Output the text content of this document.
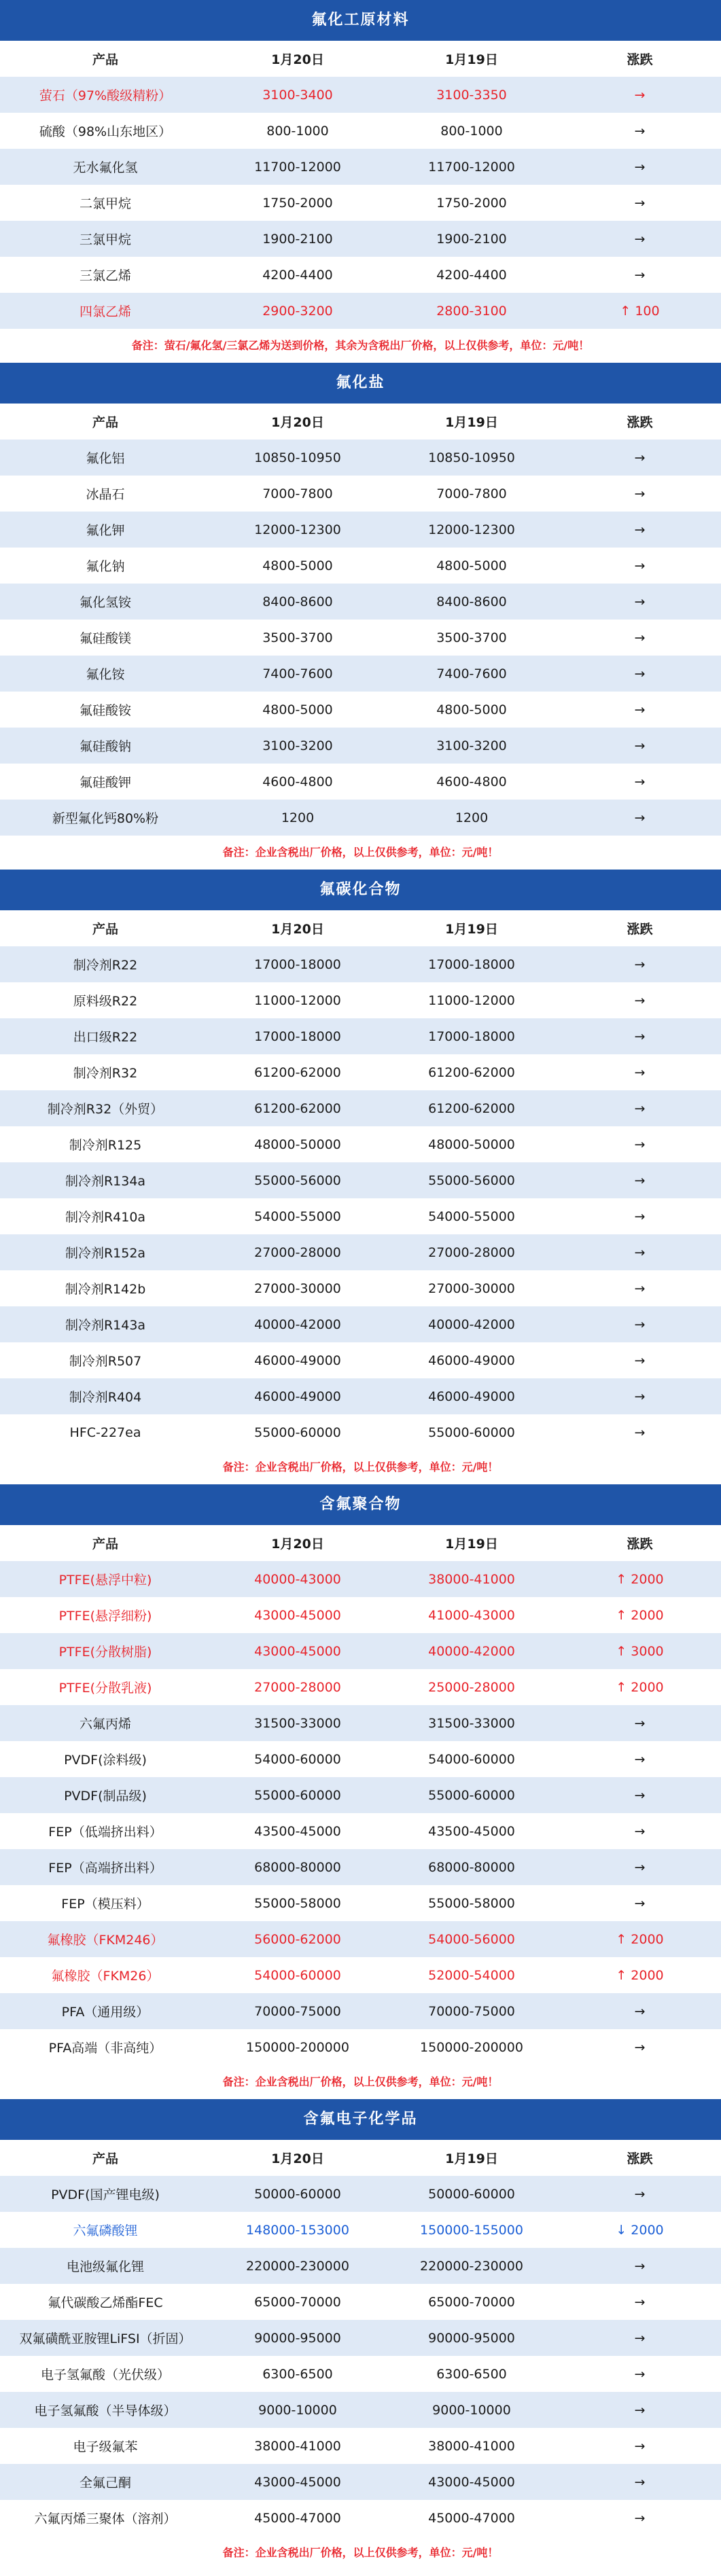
氟化工原材料
产品	1月20日	1月19日	涨跌
萤石（97%酸级精粉）	3100-3400	3100-3350	→
硫酸（98%山东地区）	800-1000	800-1000	→
无水氟化氢	11700-12000	11700-12000	→
二氯甲烷	1750-2000	1750-2000	→
三氯甲烷	1900-2100	1900-2100	→
三氯乙烯	4200-4400	4200-4400	→
四氯乙烯	2900-3200	2800-3100	↑ 100
备注：萤石/氟化氢/三氯乙烯为送到价格，其余为含税出厂价格，以上仅供参考，单位：元/吨！
氟化盐
产品	1月20日	1月19日	涨跌
氟化铝	10850-10950	10850-10950	→
冰晶石	7000-7800	7000-7800	→
氟化钾	12000-12300	12000-12300	→
氟化钠	4800-5000	4800-5000	→
氟化氢铵	8400-8600	8400-8600	→
氟硅酸镁	3500-3700	3500-3700	→
氟化铵	7400-7600	7400-7600	→
氟硅酸铵	4800-5000	4800-5000	→
氟硅酸钠	3100-3200	3100-3200	→
氟硅酸钾	4600-4800	4600-4800	→
新型氟化钙80%粉	1200	1200	→
备注：企业含税出厂价格，以上仅供参考，单位：元/吨！
氟碳化合物
产品	1月20日	1月19日	涨跌
制冷剂R22	17000-18000	17000-18000	→
原料级R22	11000-12000	11000-12000	→
出口级R22	17000-18000	17000-18000	→
制冷剂R32	61200-62000	61200-62000	→
制冷剂R32（外贸）	61200-62000	61200-62000	→
制冷剂R125	48000-50000	48000-50000	→
制冷剂R134a	55000-56000	55000-56000	→
制冷剂R410a	54000-55000	54000-55000	→
制冷剂R152a	27000-28000	27000-28000	→
制冷剂R142b	27000-30000	27000-30000	→
制冷剂R143a	40000-42000	40000-42000	→
制冷剂R507	46000-49000	46000-49000	→
制冷剂R404	46000-49000	46000-49000	→
HFC-227ea	55000-60000	55000-60000	→
备注：企业含税出厂价格，以上仅供参考，单位：元/吨！
含氟聚合物
产品	1月20日	1月19日	涨跌
PTFE(悬浮中粒)	40000-43000	38000-41000	↑ 2000
PTFE(悬浮细粉)	43000-45000	41000-43000	↑ 2000
PTFE(分散树脂)	43000-45000	40000-42000	↑ 3000
PTFE(分散乳液)	27000-28000	25000-28000	↑ 2000
六氟丙烯	31500-33000	31500-33000	→
PVDF(涂料级)	54000-60000	54000-60000	→
PVDF(制品级)	55000-60000	55000-60000	→
FEP（低端挤出料）	43500-45000	43500-45000	→
FEP（高端挤出料）	68000-80000	68000-80000	→
FEP（模压料）	55000-58000	55000-58000	→
氟橡胶（FKM246）	56000-62000	54000-56000	↑ 2000
氟橡胶（FKM26）	54000-60000	52000-54000	↑ 2000
PFA（通用级）	70000-75000	70000-75000	→
PFA高端（非高纯）	150000-200000	150000-200000	→
备注：企业含税出厂价格，以上仅供参考，单位：元/吨！
含氟电子化学品
产品	1月20日	1月19日	涨跌
PVDF(国产锂电级)	50000-60000	50000-60000	→
六氟磷酸锂	148000-153000	150000-155000	↓ 2000
电池级氟化锂	220000-230000	220000-230000	→
氟代碳酸乙烯酯FEC	65000-70000	65000-70000	→
双氟磺酰亚胺锂LiFSI（折固）	90000-95000	90000-95000	→
电子氢氟酸（光伏级）	6300-6500	6300-6500	→
电子氢氟酸（半导体级）	9000-10000	9000-10000	→
电子级氟苯	38000-41000	38000-41000	→
全氟己酮	43000-45000	43000-45000	→
六氟丙烯三聚体（溶剂）	45000-47000	45000-47000	→
备注：企业含税出厂价格，以上仅供参考，单位：元/吨！
